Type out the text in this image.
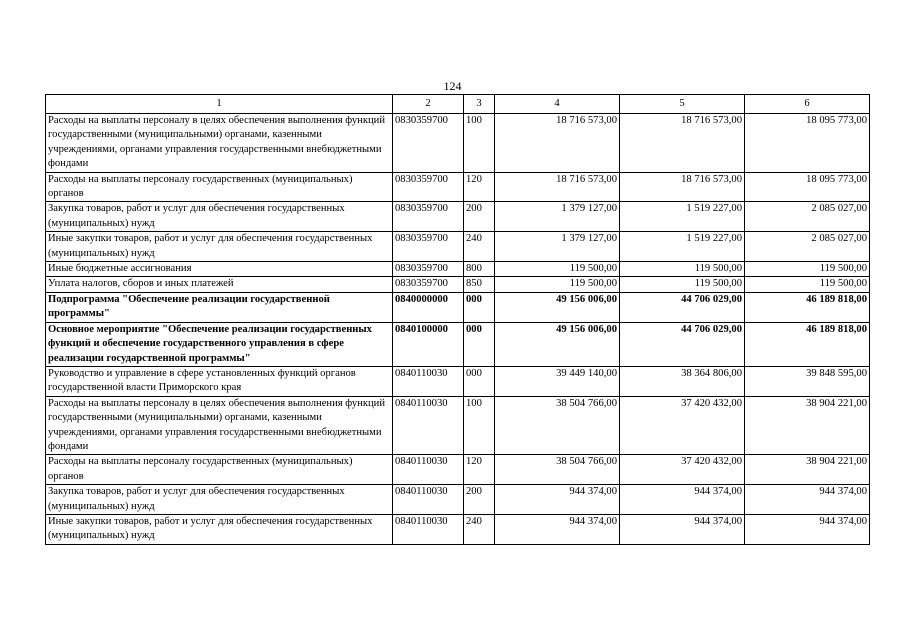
124
1	2	3	4	5	6
Расходы на выплаты персоналу в целях обеспечения выполнения функций государственными (муниципальными) органами, казенными учреждениями, органами управления государственными внебюджетными фондами	0830359700	100	18 716 573,00	18 716 573,00	18 095 773,00
Расходы на выплаты персоналу государственных (муниципальных) органов	0830359700	120	18 716 573,00	18 716 573,00	18 095 773,00
Закупка товаров, работ и услуг для обеспечения государственных (муниципальных) нужд	0830359700	200	1 379 127,00	1 519 227,00	2 085 027,00
Иные закупки товаров, работ и услуг для обеспечения государственных (муниципальных) нужд	0830359700	240	1 379 127,00	1 519 227,00	2 085 027,00
Иные бюджетные ассигнования	0830359700	800	119 500,00	119 500,00	119 500,00
Уплата налогов, сборов и иных платежей	0830359700	850	119 500,00	119 500,00	119 500,00
Подпрограмма "Обеспечение реализации государственной программы"	0840000000	000	49 156 006,00	44 706 029,00	46 189 818,00
Основное мероприятие "Обеспечение реализации государственных функций и обеспечение государственного управления в сфере реализации государственной программы"	0840100000	000	49 156 006,00	44 706 029,00	46 189 818,00
Руководство и управление в сфере установленных функций органов государственной власти Приморского края	0840110030	000	39 449 140,00	38 364 806,00	39 848 595,00
Расходы на выплаты персоналу в целях обеспечения выполнения функций государственными (муниципальными) органами, казенными учреждениями, органами управления государственными внебюджетными фондами	0840110030	100	38 504 766,00	37 420 432,00	38 904 221,00
Расходы на выплаты персоналу государственных (муниципальных) органов	0840110030	120	38 504 766,00	37 420 432,00	38 904 221,00
Закупка товаров, работ и услуг для обеспечения государственных (муниципальных) нужд	0840110030	200	944 374,00	944 374,00	944 374,00
Иные закупки товаров, работ и услуг для обеспечения государственных (муниципальных) нужд	0840110030	240	944 374,00	944 374,00	944 374,00
